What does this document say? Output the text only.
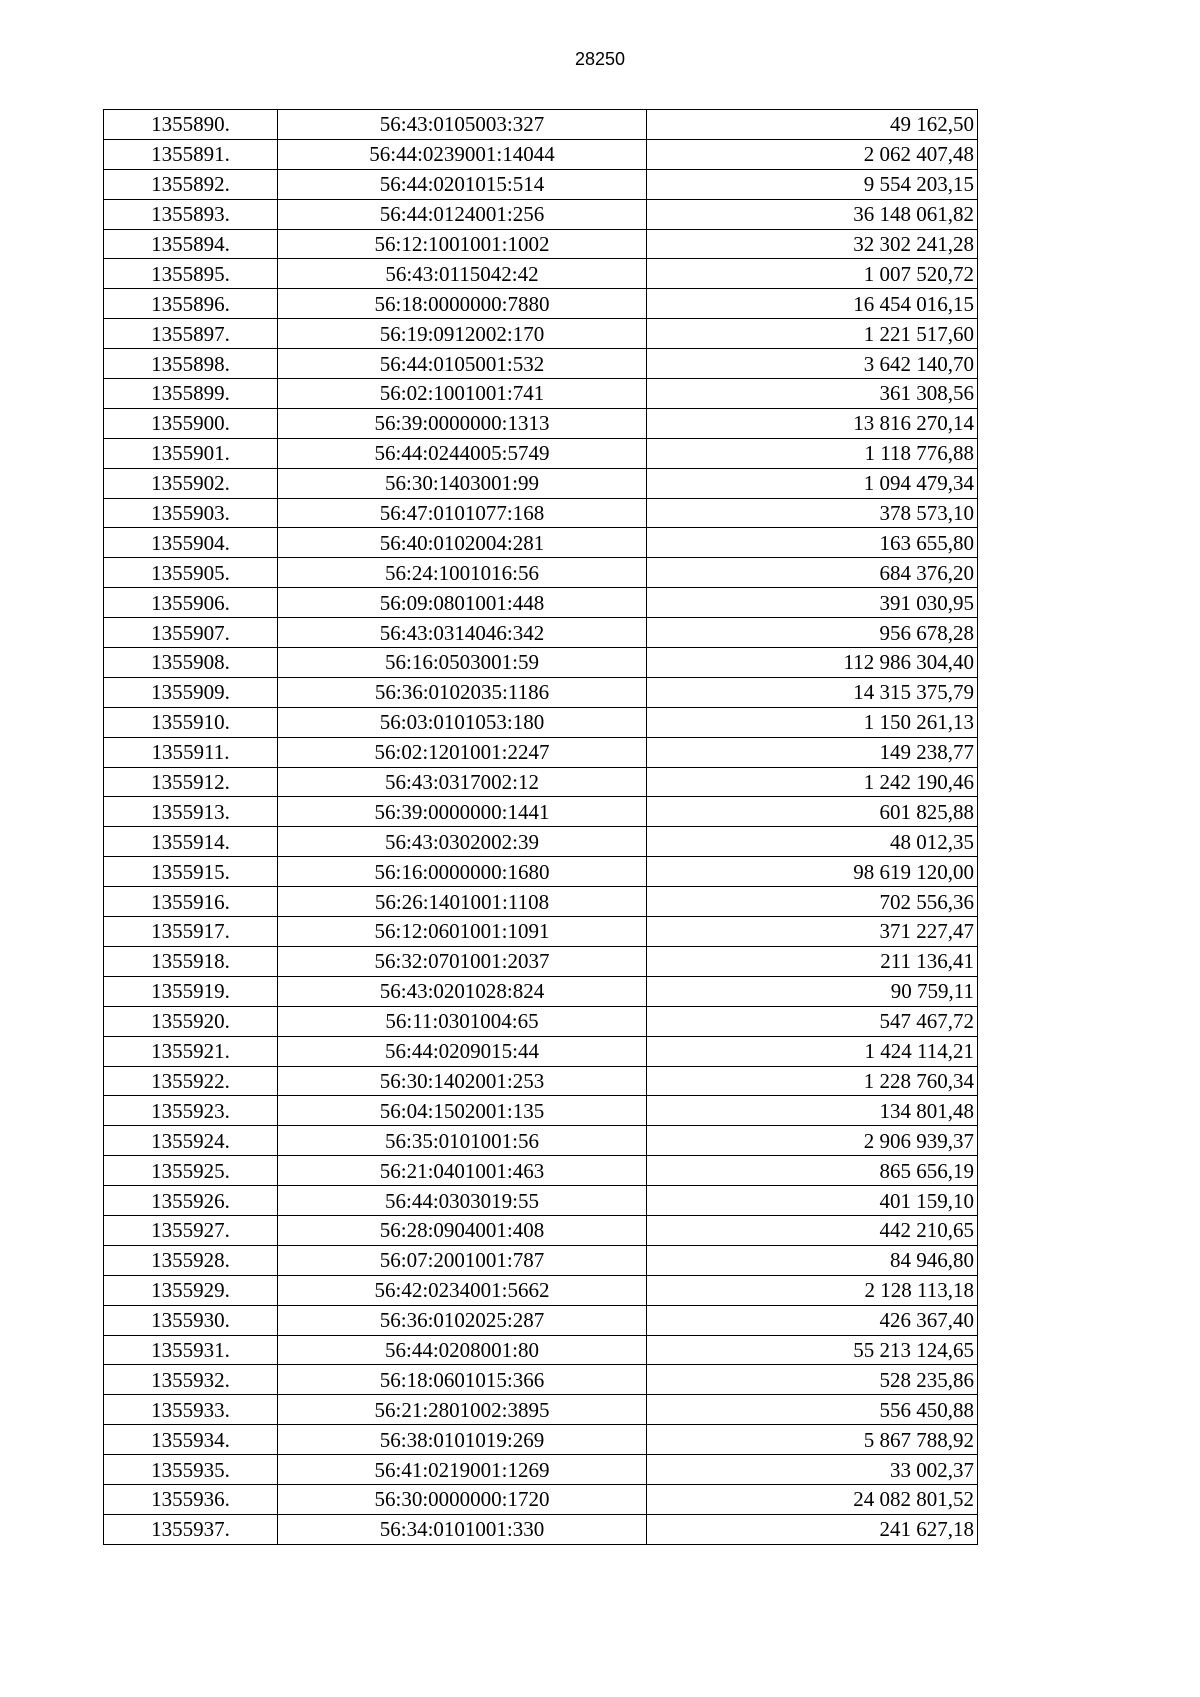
28250
1355890.	56:43:0105003:327	49 162,50
1355891.	56:44:0239001:14044	2 062 407,48
1355892.	56:44:0201015:514	9 554 203,15
1355893.	56:44:0124001:256	36 148 061,82
1355894.	56:12:1001001:1002	32 302 241,28
1355895.	56:43:0115042:42	1 007 520,72
1355896.	56:18:0000000:7880	16 454 016,15
1355897.	56:19:0912002:170	1 221 517,60
1355898.	56:44:0105001:532	3 642 140,70
1355899.	56:02:1001001:741	361 308,56
1355900.	56:39:0000000:1313	13 816 270,14
1355901.	56:44:0244005:5749	1 118 776,88
1355902.	56:30:1403001:99	1 094 479,34
1355903.	56:47:0101077:168	378 573,10
1355904.	56:40:0102004:281	163 655,80
1355905.	56:24:1001016:56	684 376,20
1355906.	56:09:0801001:448	391 030,95
1355907.	56:43:0314046:342	956 678,28
1355908.	56:16:0503001:59	112 986 304,40
1355909.	56:36:0102035:1186	14 315 375,79
1355910.	56:03:0101053:180	1 150 261,13
1355911.	56:02:1201001:2247	149 238,77
1355912.	56:43:0317002:12	1 242 190,46
1355913.	56:39:0000000:1441	601 825,88
1355914.	56:43:0302002:39	48 012,35
1355915.	56:16:0000000:1680	98 619 120,00
1355916.	56:26:1401001:1108	702 556,36
1355917.	56:12:0601001:1091	371 227,47
1355918.	56:32:0701001:2037	211 136,41
1355919.	56:43:0201028:824	90 759,11
1355920.	56:11:0301004:65	547 467,72
1355921.	56:44:0209015:44	1 424 114,21
1355922.	56:30:1402001:253	1 228 760,34
1355923.	56:04:1502001:135	134 801,48
1355924.	56:35:0101001:56	2 906 939,37
1355925.	56:21:0401001:463	865 656,19
1355926.	56:44:0303019:55	401 159,10
1355927.	56:28:0904001:408	442 210,65
1355928.	56:07:2001001:787	84 946,80
1355929.	56:42:0234001:5662	2 128 113,18
1355930.	56:36:0102025:287	426 367,40
1355931.	56:44:0208001:80	55 213 124,65
1355932.	56:18:0601015:366	528 235,86
1355933.	56:21:2801002:3895	556 450,88
1355934.	56:38:0101019:269	5 867 788,92
1355935.	56:41:0219001:1269	33 002,37
1355936.	56:30:0000000:1720	24 082 801,52
1355937.	56:34:0101001:330	241 627,18
